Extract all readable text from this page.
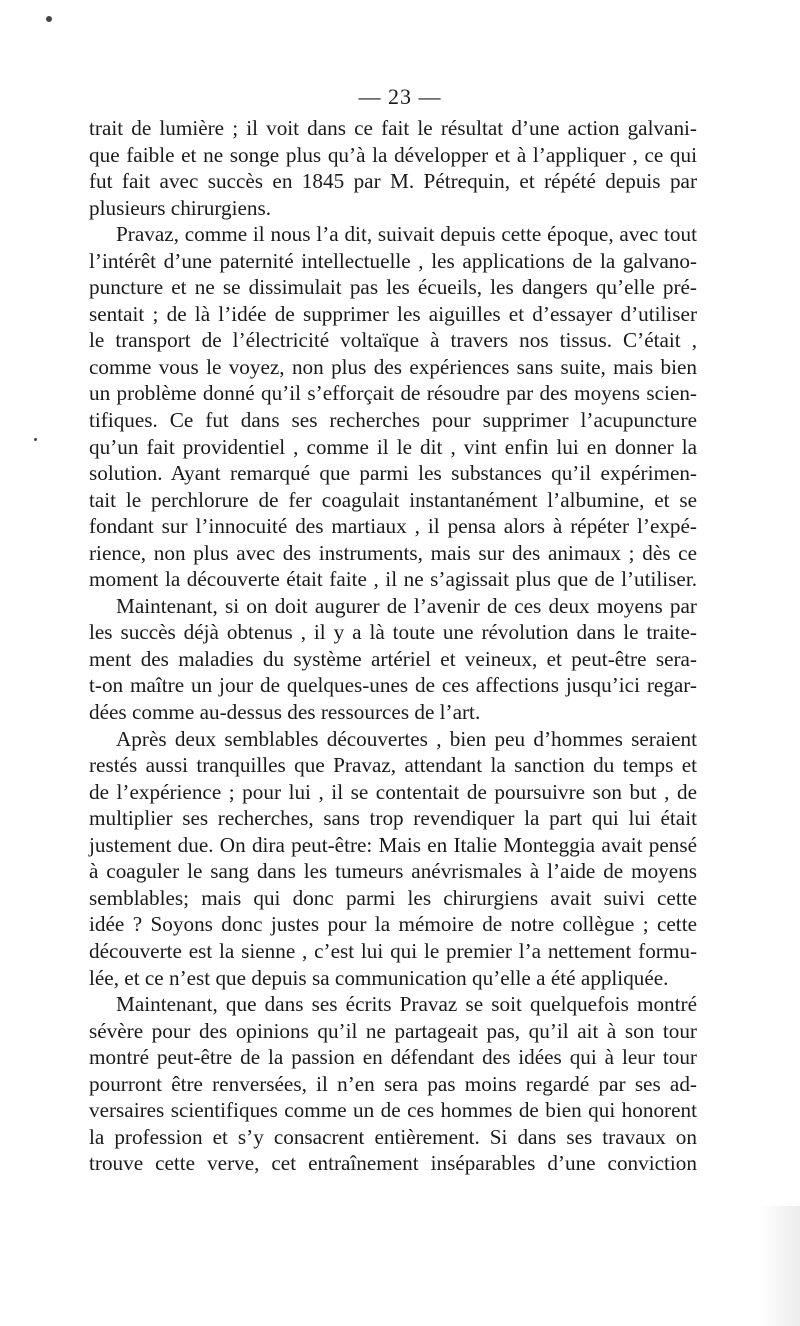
— 23 —
trait de lumière ; il voit dans ce fait le résultat d’une action galvani-
que faible et ne songe plus qu’à la développer et à l’appliquer , ce qui
fut fait avec succès en 1845 par M. Pétrequin, et répété depuis par
plusieurs chirurgiens.
Pravaz, comme il nous l’a dit, suivait depuis cette époque, avec tout
l’intérêt d’une paternité intellectuelle , les applications de la galvano-
puncture et ne se dissimulait pas les écueils, les dangers qu’elle pré-
sentait ; de là l’idée de supprimer les aiguilles et d’essayer d’utiliser
le transport de l’électricité voltaïque à travers nos tissus. C’était ,
comme vous le voyez, non plus des expériences sans suite, mais bien
un problème donné qu’il s’efforçait de résoudre par des moyens scien-
tifiques. Ce fut dans ses recherches pour supprimer l’acupuncture
qu’un fait providentiel , comme il le dit , vint enfin lui en donner la
solution. Ayant remarqué que parmi les substances qu’il expérimen-
tait le perchlorure de fer coagulait instantanément l’albumine, et se
fondant sur l’innocuité des martiaux , il pensa alors à répéter l’expé-
rience, non plus avec des instruments, mais sur des animaux ; dès ce
moment la découverte était faite , il ne s’agissait plus que de l’utiliser.
Maintenant, si on doit augurer de l’avenir de ces deux moyens par
les succès déjà obtenus , il y a là toute une révolution dans le traite-
ment des maladies du système artériel et veineux, et peut-être sera-
t-on maître un jour de quelques-unes de ces affections jusqu’ici regar-
dées comme au-dessus des ressources de l’art.
Après deux semblables découvertes , bien peu d’hommes seraient
restés aussi tranquilles que Pravaz, attendant la sanction du temps et
de l’expérience ; pour lui , il se contentait de poursuivre son but , de
multiplier ses recherches, sans trop revendiquer la part qui lui était
justement due. On dira peut-être: Mais en Italie Monteggia avait pensé
à coaguler le sang dans les tumeurs anévrismales à l’aide de moyens
semblables; mais qui donc parmi les chirurgiens avait suivi cette
idée ? Soyons donc justes pour la mémoire de notre collègue ; cette
découverte est la sienne , c’est lui qui le premier l’a nettement formu-
lée, et ce n’est que depuis sa communication qu’elle a été appliquée.
Maintenant, que dans ses écrits Pravaz se soit quelquefois montré
sévère pour des opinions qu’il ne partageait pas, qu’il ait à son tour
montré peut-être de la passion en défendant des idées qui à leur tour
pourront être renversées, il n’en sera pas moins regardé par ses ad-
versaires scientifiques comme un de ces hommes de bien qui honorent
la profession et s’y consacrent entièrement. Si dans ses travaux on
trouve cette verve, cet entraînement inséparables d’une conviction
